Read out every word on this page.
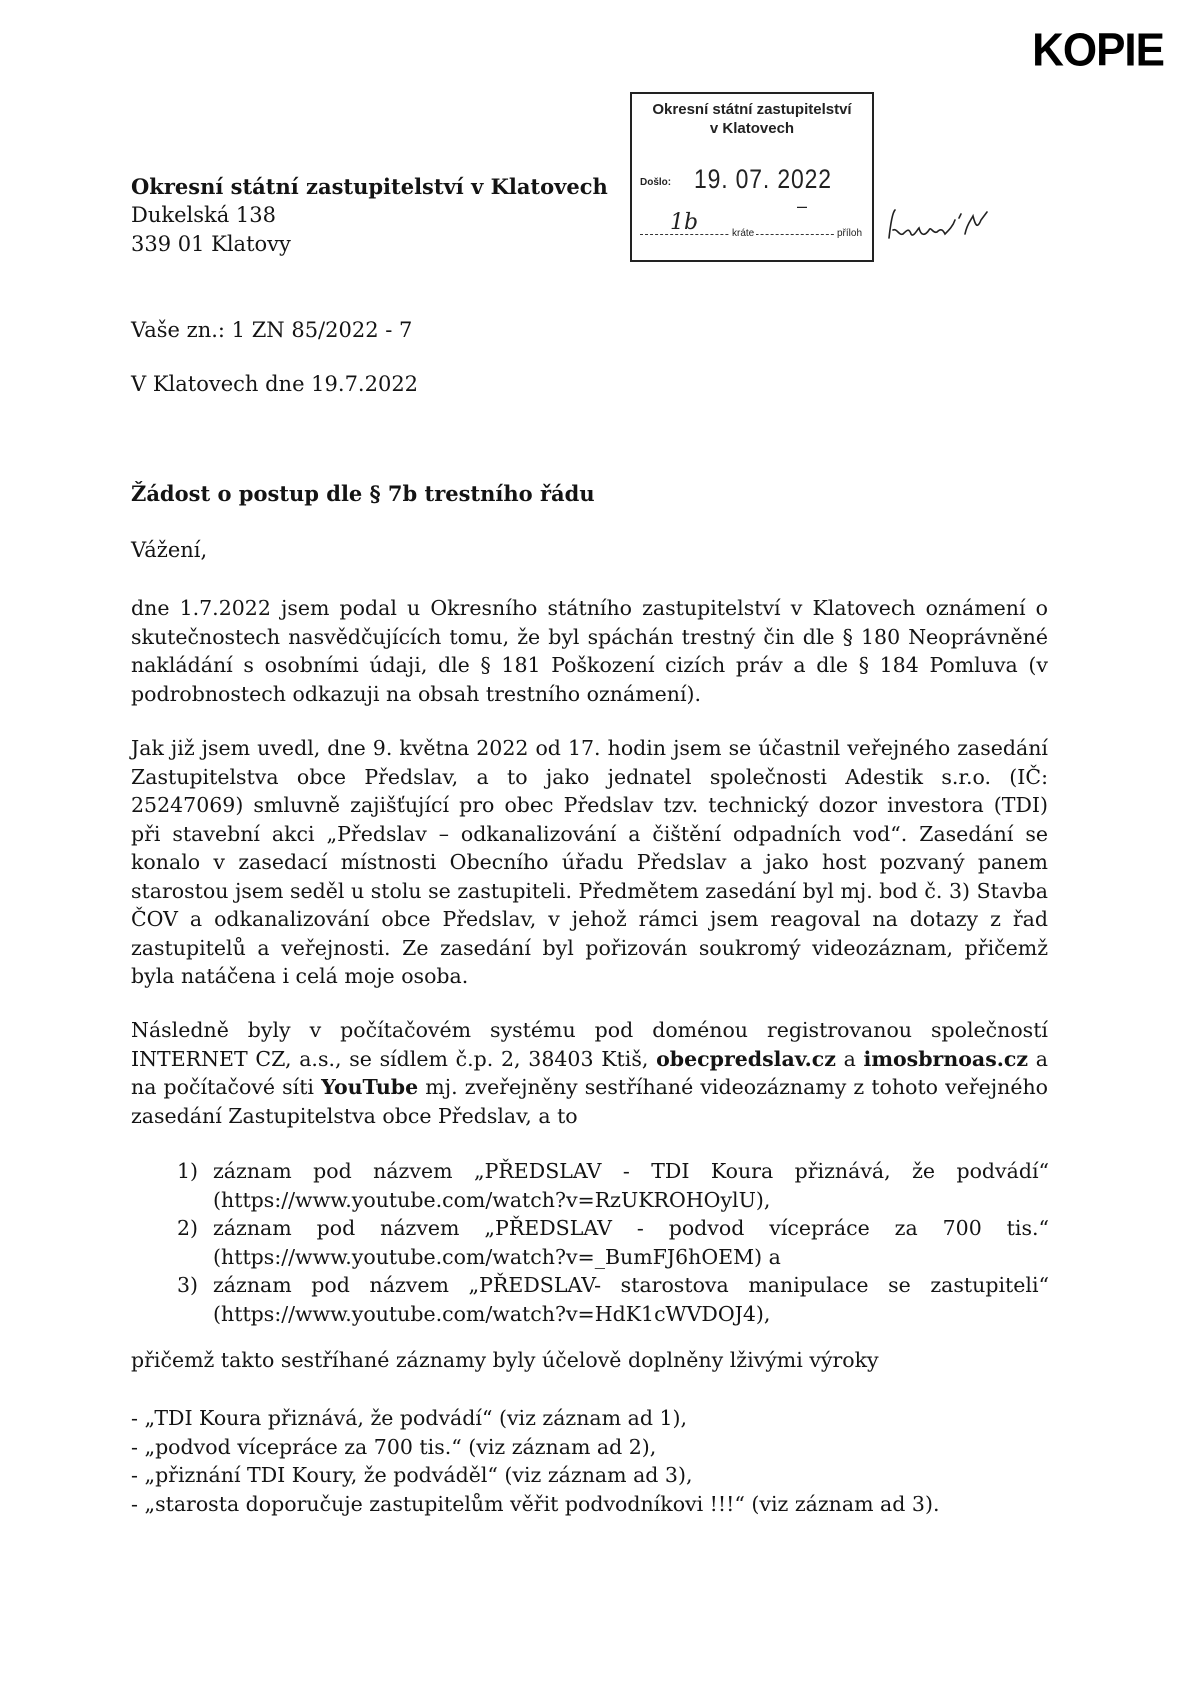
KOPIE
Okresní státní zastupitelství v Klatovech
Dukelská 138
339 01 Klatovy
Okresní státní zastupitelství
v Klatovech
Došlo: 19. 07. 2022
–
1b	kráte	příloh
Vaše zn.: 1 ZN 85/2022 - 7
V Klatovech dne 19.7.2022
Žádost o postup dle § 7b trestního řádu
Vážení,
dne 1.7.2022 jsem podal u Okresního státního zastupitelství v Klatovech oznámení o skutečnostech nasvědčujících tomu, že byl spáchán trestný čin dle § 180 Neoprávněné nakládání s osobními údaji, dle § 181 Poškození cizích práv a dle § 184 Pomluva (v podrobnostech odkazuji na obsah trestního oznámení).
Jak již jsem uvedl, dne 9. května 2022 od 17. hodin jsem se účastnil veřejného zasedání Zastupitelstva obce Předslav, a to jako jednatel společnosti Adestik s.r.o. (IČ: 25247069) smluvně zajišťující pro obec Předslav tzv. technický dozor investora (TDI) při stavební akci „Předslav – odkanalizování a čištění odpadních vod“. Zasedání se konalo v zasedací místnosti Obecního úřadu Předslav a jako host pozvaný panem starostou jsem seděl u stolu se zastupiteli. Předmětem zasedání byl mj. bod č. 3) Stavba ČOV a odkanalizování obce Předslav, v jehož rámci jsem reagoval na dotazy z řad zastupitelů a veřejnosti. Ze zasedání byl pořizován soukromý videozáznam, přičemž byla natáčena i celá moje osoba.
Následně byly v počítačovém systému pod doménou registrovanou společností INTERNET CZ, a.s., se sídlem č.p. 2, 38403 Ktiš, obecpredslav.cz a imosbrnoas.cz a na počítačové síti YouTube mj. zveřejněny sestříhané videozáznamy z tohoto veřejného zasedání Zastupitelstva obce Předslav, a to
1) záznam pod názvem „PŘEDSLAV - TDI Koura přiznává, že podvádí“
(https://www.youtube.com/watch?v=RzUKROHOylU),
2) záznam pod názvem „PŘEDSLAV - podvod vícepráce za 700 tis.“
(https://www.youtube.com/watch?v=_BumFJ6hOEM) a
3) záznam pod názvem „PŘEDSLAV- starostova manipulace se zastupiteli“
(https://www.youtube.com/watch?v=HdK1cWVDOJ4),
přičemž takto sestříhané záznamy byly účelově doplněny lživými výroky
- „TDI Koura přiznává, že podvádí“ (viz záznam ad 1),
- „podvod vícepráce za 700 tis.“ (viz záznam ad 2),
- „přiznání TDI Koury, že podváděl“ (viz záznam ad 3),
- „starosta doporučuje zastupitelům věřit podvodníkovi !!!“ (viz záznam ad 3).
